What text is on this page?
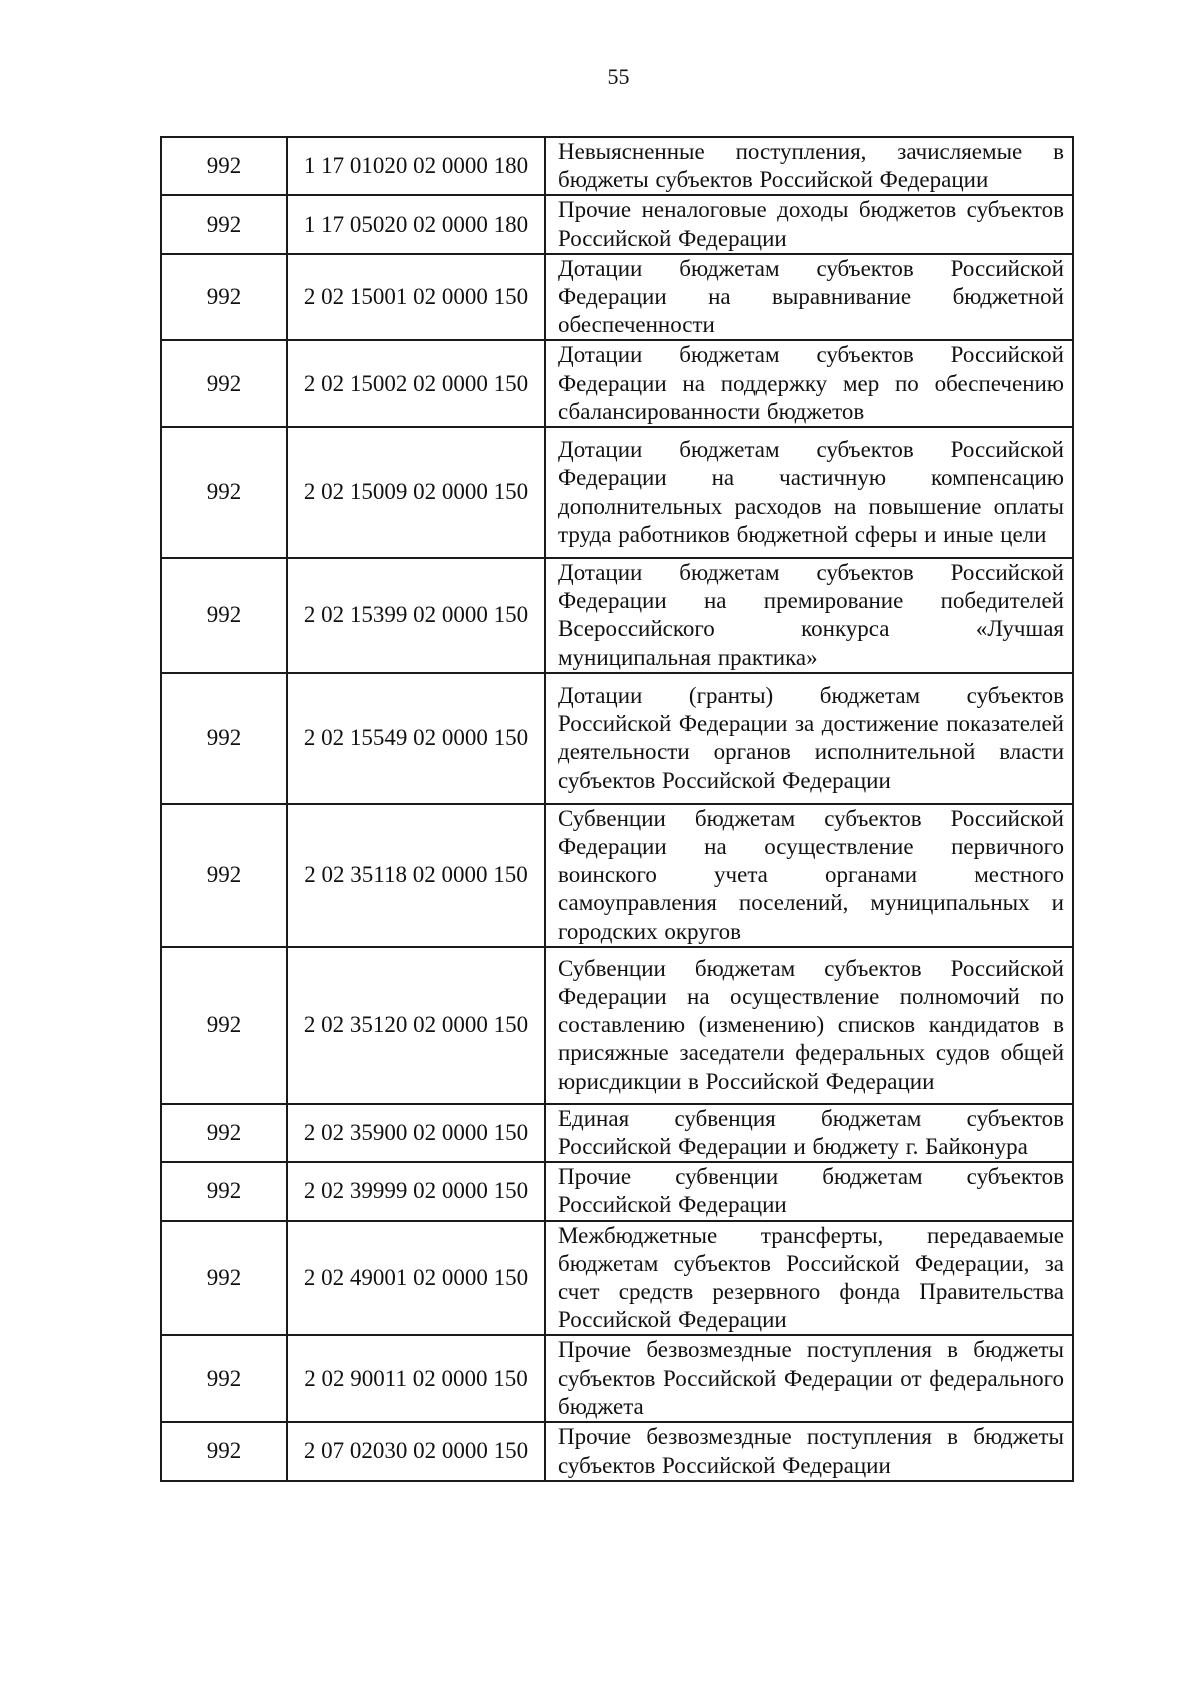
55
992	1 17 01020 02 0000 180	Невыясненные поступления, зачисляемые в бюджеты субъектов Российской Федерации
992	1 17 05020 02 0000 180	Прочие неналоговые доходы бюджетов субъектов Российской Федерации
992	2 02 15001 02 0000 150	Дотации бюджетам субъектов Российской Федерации на выравнивание бюджетной обеспеченности
992	2 02 15002 02 0000 150	Дотации бюджетам субъектов Российской Федерации на поддержку мер по обеспечению сбалансированности бюджетов
992	2 02 15009 02 0000 150	Дотации бюджетам субъектов Российской Федерации на частичную компенсацию дополнительных расходов на повышение оплаты труда работников бюджетной сферы и иные цели
992	2 02 15399 02 0000 150	Дотации бюджетам субъектов Российской Федерации на премирование победителей Всероссийского конкурса «Лучшая муниципальная практика»
992	2 02 15549 02 0000 150	Дотации (гранты) бюджетам субъектов Российской Федерации за достижение показателей деятельности органов исполнительной власти субъектов Российской Федерации
992	2 02 35118 02 0000 150	Субвенции бюджетам субъектов Российской Федерации на осуществление первичного воинского учета органами местного самоуправления поселений, муниципальных и городских округов
992	2 02 35120 02 0000 150	Субвенции бюджетам субъектов Российской Федерации на осуществление полномочий по составлению (изменению) списков кандидатов в присяжные заседатели федеральных судов общей юрисдикции в Российской Федерации
992	2 02 35900 02 0000 150	Единая субвенция бюджетам субъектов Российской Федерации и бюджету г. Байконура
992	2 02 39999 02 0000 150	Прочие субвенции бюджетам субъектов Российской Федерации
992	2 02 49001 02 0000 150	Межбюджетные трансферты, передаваемые бюджетам субъектов Российской Федерации, за счет средств резервного фонда Правительства Российской Федерации
992	2 02 90011 02 0000 150	Прочие безвозмездные поступления в бюджеты субъектов Российской Федерации от федерального бюджета
992	2 07 02030 02 0000 150	Прочие безвозмездные поступления в бюджеты субъектов Российской Федерации
